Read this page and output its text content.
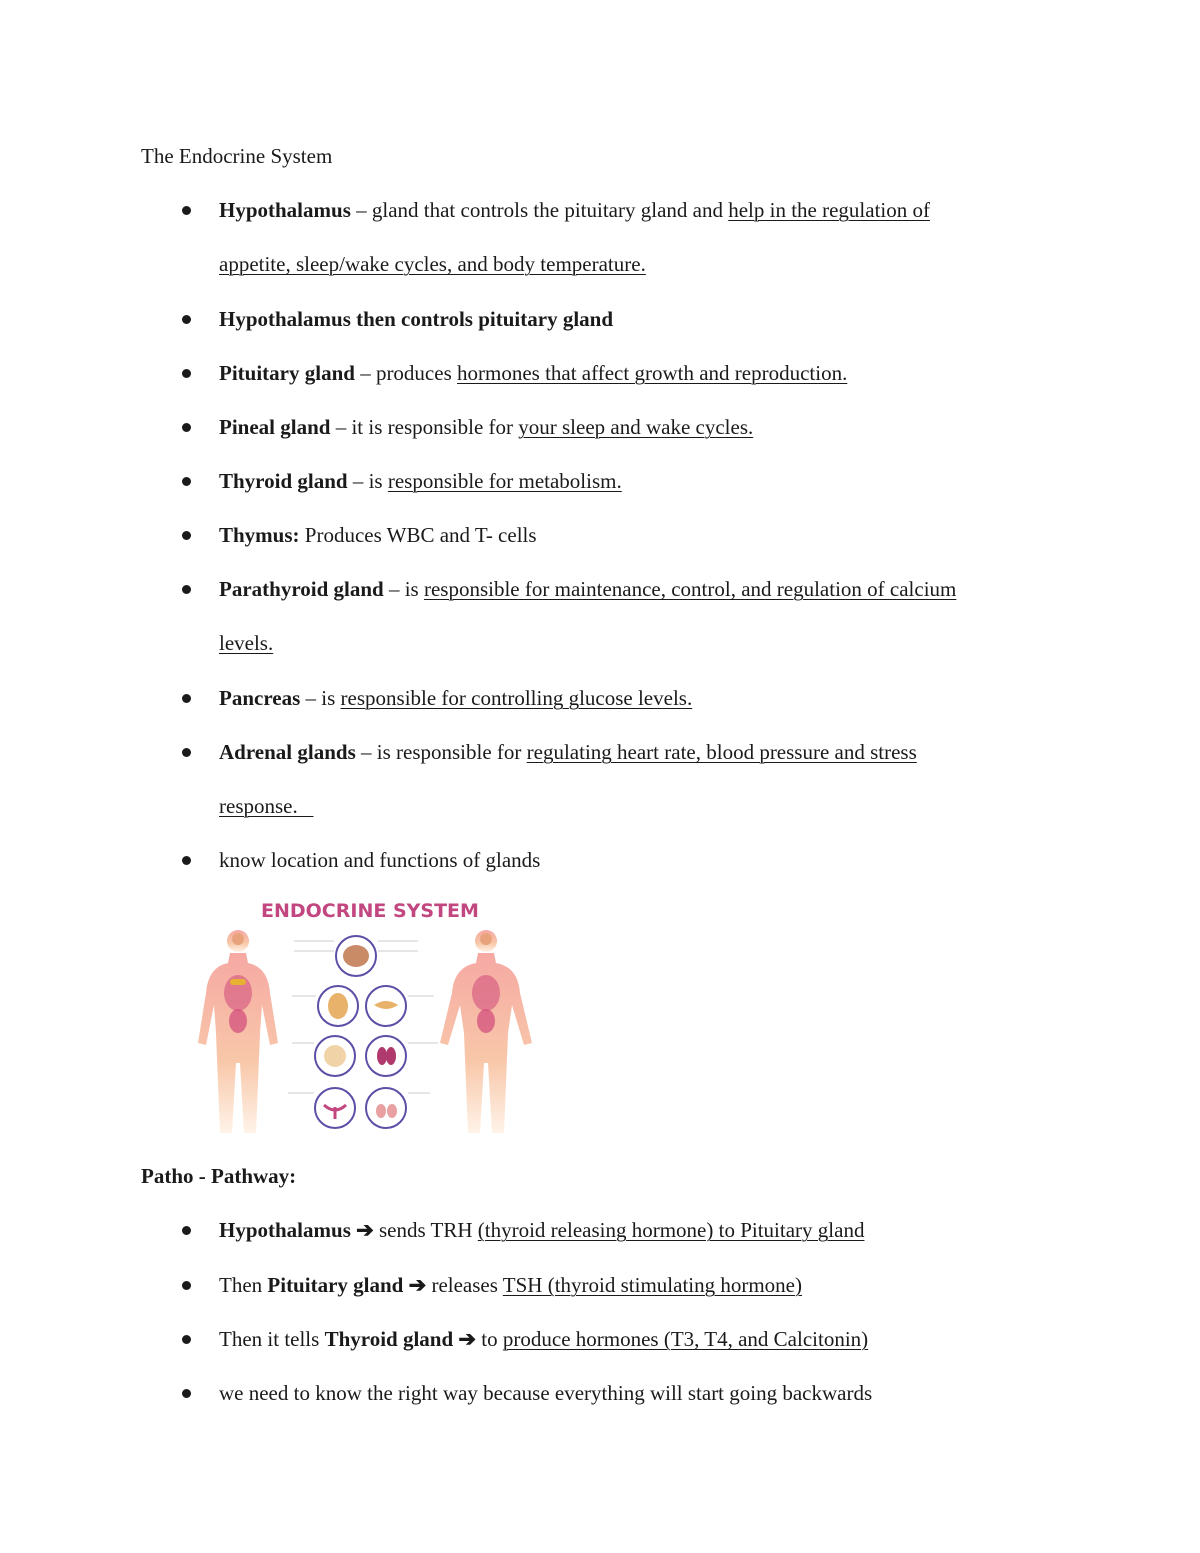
The Endocrine System
Hypothalamus – gland that controls the pituitary gland and help in the regulation of
appetite, sleep/wake cycles, and body temperature.
Hypothalamus then controls pituitary gland
Pituitary gland – produces hormones that affect growth and reproduction.
Pineal gland – it is responsible for your sleep and wake cycles.
Thyroid gland – is responsible for metabolism.
Thymus: Produces WBC and T- cells
Parathyroid gland – is responsible for maintenance, control, and regulation of calcium
levels.
Pancreas – is responsible for controlling glucose levels.
Adrenal glands – is responsible for regulating heart rate, blood pressure and stress
response.
know location and functions of glands
ENDOCRINE SYSTEM
Patho - Pathway:
Hypothalamus ➔ sends TRH (thyroid releasing hormone) to Pituitary gland
Then Pituitary gland ➔ releases TSH (thyroid stimulating hormone)
Then it tells Thyroid gland ➔ to produce hormones (T3, T4, and Calcitonin)
we need to know the right way because everything will start going backwards
